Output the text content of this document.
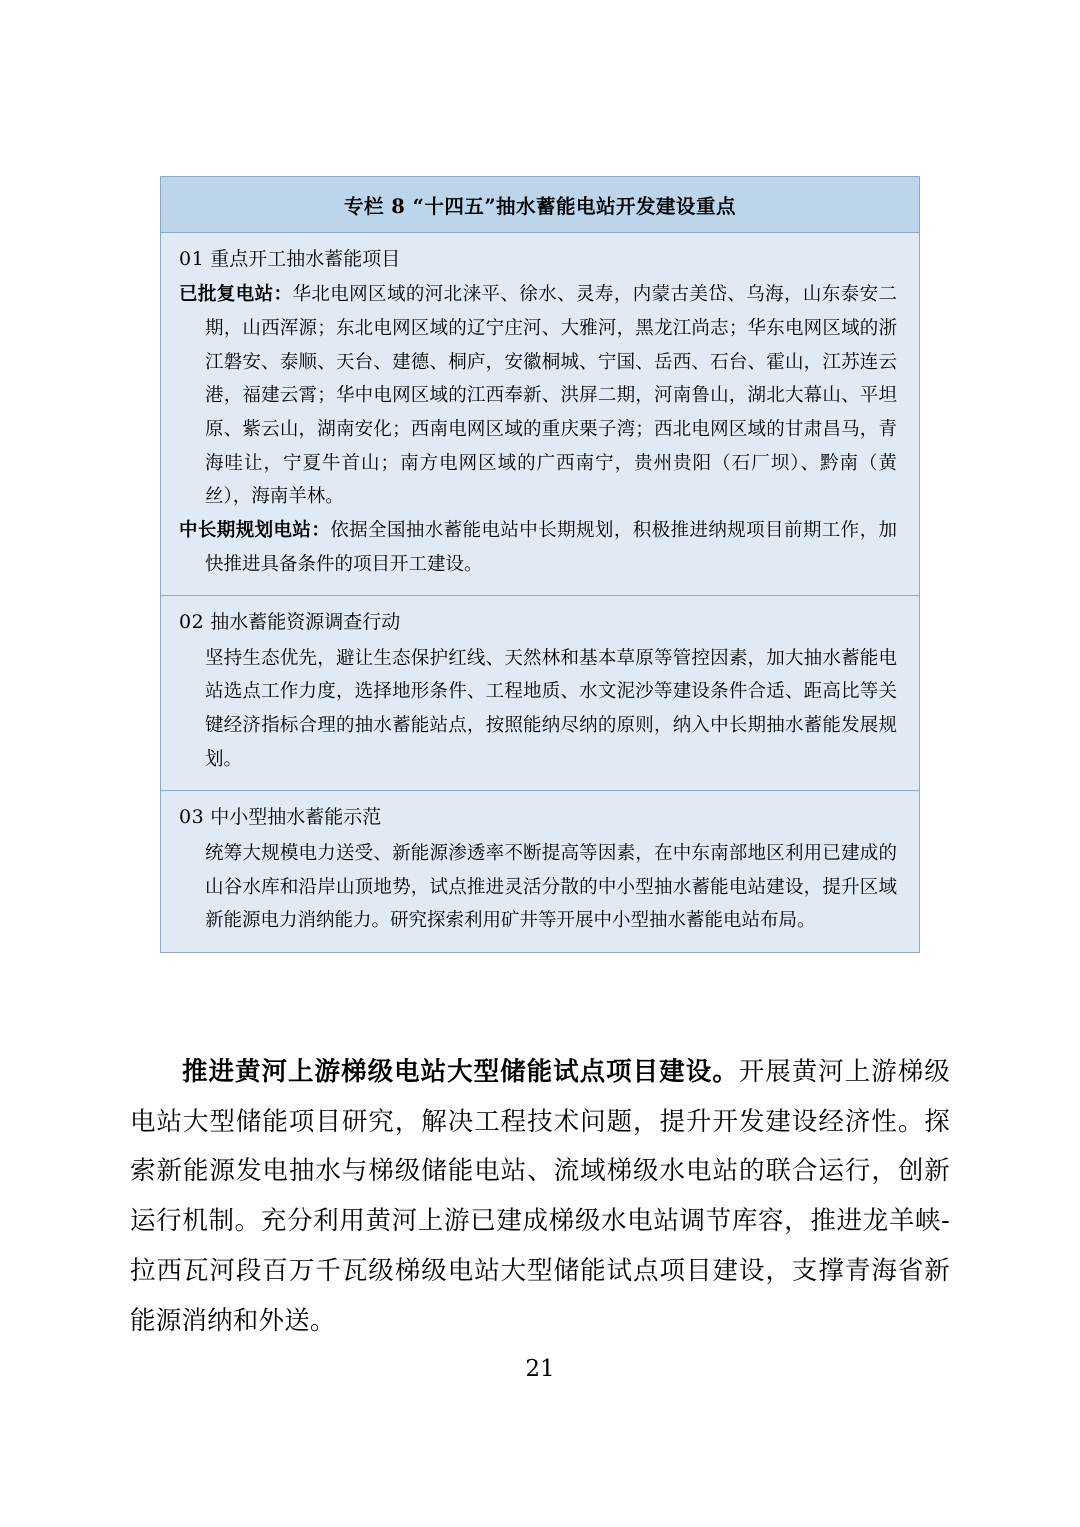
专栏 8 “十四五”抽水蓄能电站开发建设重点
01 重点开工抽水蓄能项目

已批复电站：华北电网区域的河北涞平、徐水、灵寿，内蒙古美岱、乌海，山东泰安二期，山西浑源；东北电网区域的辽宁庄河、大雅河，黑龙江尚志；华东电网区域的浙江磐安、泰顺、天台、建德、桐庐，安徽桐城、宁国、岳西、石台、霍山，江苏连云港，福建云霄；华中电网区域的江西奉新、洪屏二期，河南鲁山，湖北大幕山、平坦原、紫云山，湖南安化；西南电网区域的重庆栗子湾；西北电网区域的甘肃昌马，青海哇让，宁夏牛首山；南方电网区域的广西南宁，贵州贵阳（石厂坝）、黔南（黄丝），海南羊林。

中长期规划电站：依据全国抽水蓄能电站中长期规划，积极推进纳规项目前期工作，加快推进具备条件的项目开工建设。

02 抽水蓄能资源调查行动

坚持生态优先，避让生态保护红线、天然林和基本草原等管控因素，加大抽水蓄能电站选点工作力度，选择地形条件、工程地质、水文泥沙等建设条件合适、距高比等关键经济指标合理的抽水蓄能站点，按照能纳尽纳的原则，纳入中长期抽水蓄能发展规划。

03 中小型抽水蓄能示范

统筹大规模电力送受、新能源渗透率不断提高等因素，在中东南部地区利用已建成的山谷水库和沿岸山顶地势，试点推进灵活分散的中小型抽水蓄能电站建设，提升区域新能源电力消纳能力。研究探索利用矿井等开展中小型抽水蓄能电站布局。

推进黄河上游梯级电站大型储能试点项目建设。开展黄河上游梯级电站大型储能项目研究，解决工程技术问题，提升开发建设经济性。探索新能源发电抽水与梯级储能电站、流域梯级水电站的联合运行，创新运行机制。充分利用黄河上游已建成梯级水电站调节库容，推进龙羊峡-拉西瓦河段百万千瓦级梯级电站大型储能试点项目建设，支撑青海省新能源消纳和外送。

21
